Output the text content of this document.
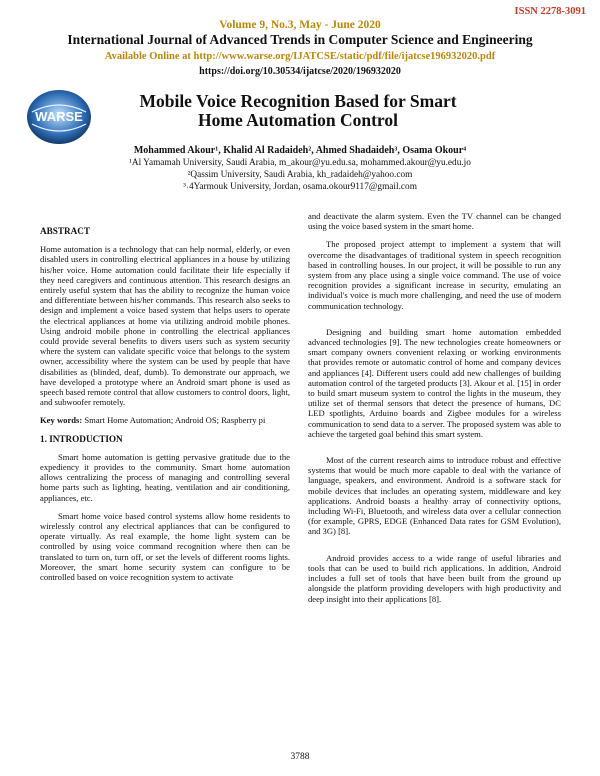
ISSN 2278-3091
Volume 9, No.3, May - June 2020
International Journal of Advanced Trends in Computer Science and Engineering
Available Online at http://www.warse.org/IJATCSE/static/pdf/file/ijatcse196932020.pdf
https://doi.org/10.30534/ijatcse/2020/196932020
WARSE
Mobile Voice Recognition Based for Smart Home Automation Control
Mohammed Akour¹, Khalid Al Radaideh², Ahmed Shadaideh³, Osama Okour⁴
¹Al Yamamah University, Saudi Arabia, m_akour@yu.edu.sa, mohammed.akour@yu.edu.jo
²Qassim University, Saudi Arabia, kh_radaideh@yahoo.com
³˒4Yarmouk University, Jordan, osama.okour9117@gmail.com
ABSTRACT
Home automation is a technology that can help normal, elderly, or even disabled users in controlling electrical appliances in a house by utilizing his/her voice. Home automation could facilitate their life especially if they need caregivers and continuous attention. This research designs an entirely useful system that has the ability to recognize the human voice and differentiate between his/her commands. This research also seeks to design and implement a voice based system that helps users to operate the electrical appliances at home via utilizing android mobile phones. Using android mobile phone in controlling the electrical appliances could provide several benefits to divers users such as system security where the system can validate specific voice that belongs to the system owner, accessibility where the system can be used by people that have disabilities as (blinded, deaf, dumb). To demonstrate our approach, we have developed a prototype where an Android smart phone is used as speech based remote control that allow customers to control doors, light, and subwoofer remotely.
Key words: Smart Home Automation; Android OS; Raspberry pi
1. INTRODUCTION
Smart home automation is getting pervasive gratitude due to the expediency it provides to the community. Smart home automation allows centralizing the process of managing and controlling several home parts such as lighting, heating, ventilation and air conditioning, appliances, etc.
Smart home voice based control systems allow home residents to wirelessly control any electrical appliances that can be configured to operate virtually. As real example, the home light system can be controlled by using voice command recognition where then can be translated to turn on, turn off, or set the levels of different rooms lights. Moreover, the smart home security system can configure to be controlled based on voice recognition system to activate
and deactivate the alarm system. Even the TV channel can be changed using the voice based system in the smart home.
The proposed project attempt to implement a system that will overcome the disadvantages of traditional system in speech recognition based in controlling houses. In our project, it will be possible to run any system from any place using a single voice command. The use of voice recognition provides a significant increase in security, emulating an individual's voice is much more challenging, and need the use of modern communication technology.
Designing and building smart home automation embedded advanced technologies [9]. The new technologies create homeowners or smart company owners convenient relaxing or working environments that provides remote or automatic control of home and company devices and appliances [4]. Different users could add new challenges of building automation control of the targeted products [3]. Akour et al. [15] in order to build smart museum system to control the lights in the museum, they utilize set of thermal sensors that detect the presence of humans, DC LED spotlights, Arduino boards and Zigbee modules for a wireless communication to send data to a server. The proposed system was able to achieve the targeted goal behind this smart system.
Most of the current research aims to introduce robust and effective systems that would be much more capable to deal with the variance of language, speakers, and environment. Android is a software stack for mobile devices that includes an operating system, middleware and key applications. Android boasts a healthy array of connectivity options, including Wi-Fi, Bluetooth, and wireless data over a cellular connection (for example, GPRS, EDGE (Enhanced Data rates for GSM Evolution), and 3G) [8].
Android provides access to a wide range of useful libraries and tools that can be used to build rich applications. In addition, Android includes a full set of tools that have been built from the ground up alongside the platform providing developers with high productivity and deep insight into their applications [8].
3788
